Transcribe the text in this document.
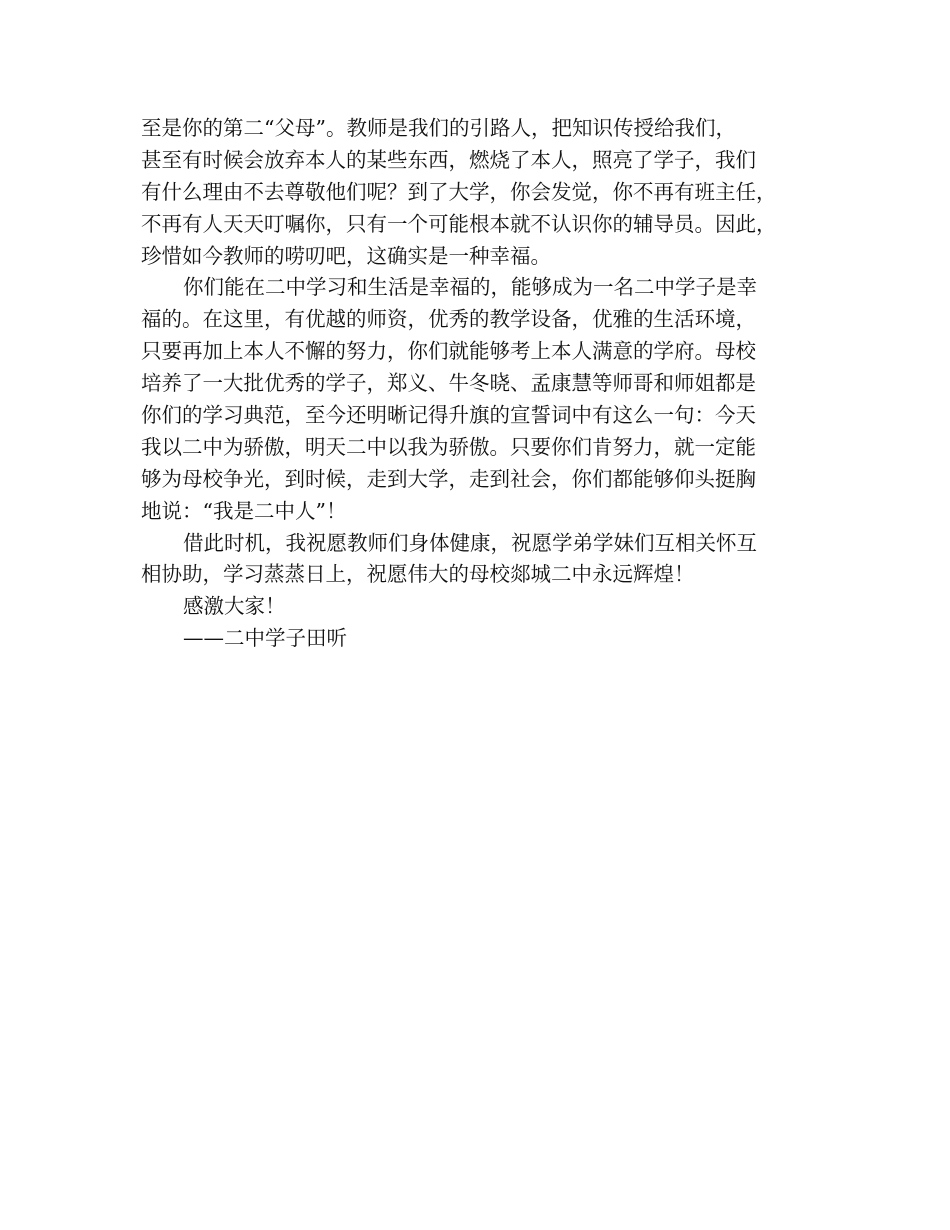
至是你的第二“父母”。教师是我们的引路人，把知识传授给我们，
甚至有时候会放弃本人的某些东西，燃烧了本人，照亮了学子，我们
有什么理由不去尊敬他们呢？到了大学，你会发觉，你不再有班主任，
不再有人天天叮嘱你，只有一个可能根本就不认识你的辅导员。因此，
珍惜如今教师的唠叨吧，这确实是一种幸福。
你们能在二中学习和生活是幸福的，能够成为一名二中学子是幸
福的。在这里，有优越的师资，优秀的教学设备，优雅的生活环境，
只要再加上本人不懈的努力，你们就能够考上本人满意的学府。母校
培养了一大批优秀的学子，郑义、牛冬晓、孟康慧等师哥和师姐都是
你们的学习典范，至今还明晰记得升旗的宣誓词中有这么一句：今天
我以二中为骄傲，明天二中以我为骄傲。只要你们肯努力，就一定能
够为母校争光，到时候，走到大学，走到社会，你们都能够仰头挺胸
地说：“我是二中人”！
借此时机，我祝愿教师们身体健康，祝愿学弟学妹们互相关怀互
相协助，学习蒸蒸日上，祝愿伟大的母校郯城二中永远辉煌！
感激大家！
——二中学子田听
